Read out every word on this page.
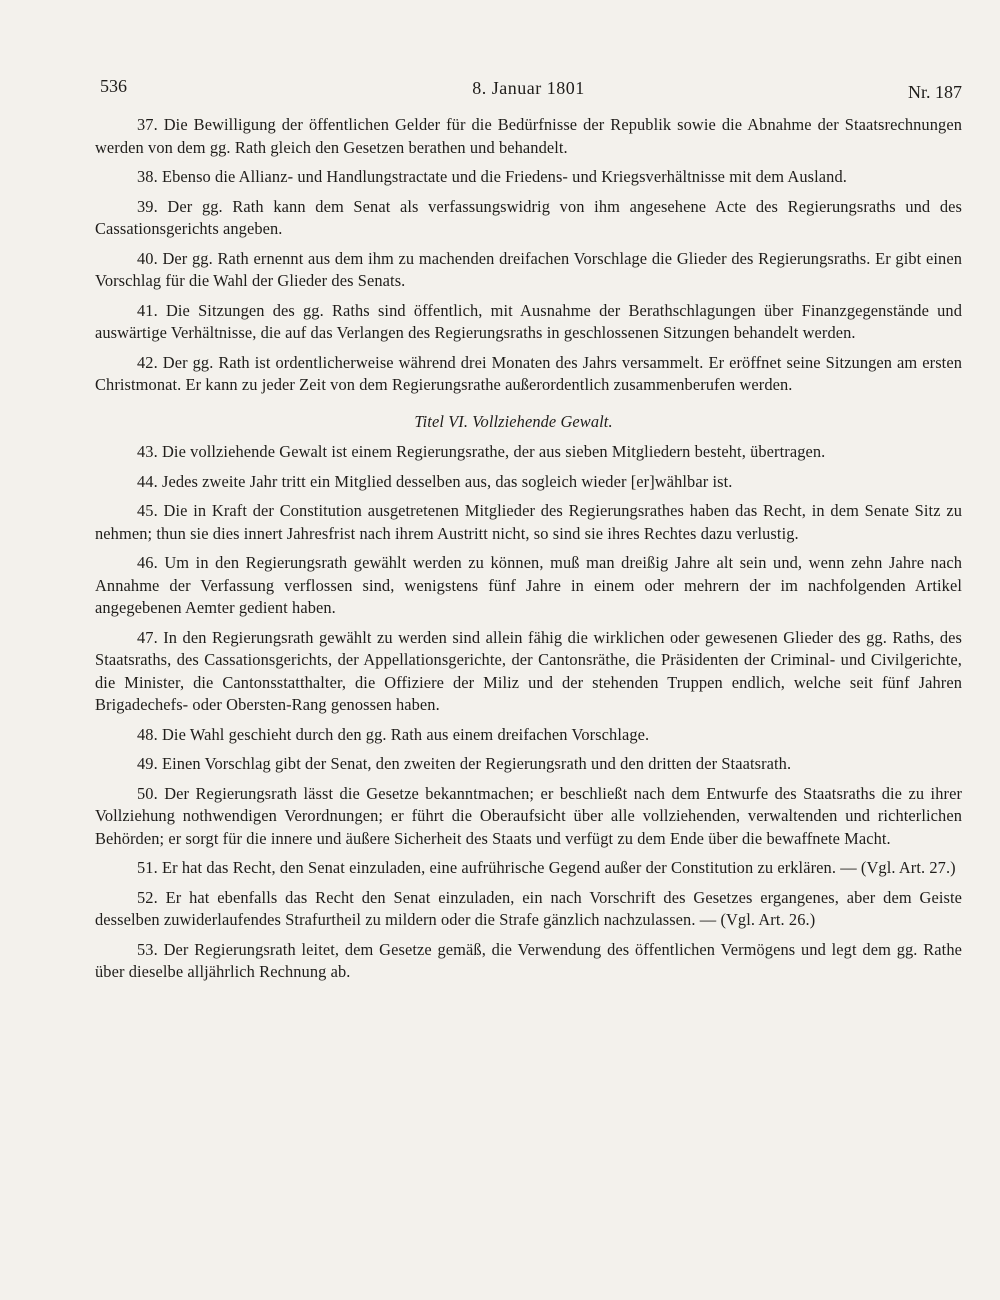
536	8. Januar 1801	Nr. 187

37. Die Bewilligung der öffentlichen Gelder für die Bedürfnisse der Republik sowie die Abnahme der Staatsrechnungen werden von dem gg. Rath gleich den Gesetzen berathen und behandelt.

38. Ebenso die Allianz- und Handlungstractate und die Friedens- und Kriegsverhältnisse mit dem Ausland.

39. Der gg. Rath kann dem Senat als verfassungswidrig von ihm angesehene Acte des Regierungsraths und des Cassationsgerichts angeben.

40. Der gg. Rath ernennt aus dem ihm zu machenden dreifachen Vorschlage die Glieder des Regierungsraths. Er gibt einen Vorschlag für die Wahl der Glieder des Senats.

41. Die Sitzungen des gg. Raths sind öffentlich, mit Ausnahme der Berathschlagungen über Finanzgegenstände und auswärtige Verhältnisse, die auf das Verlangen des Regierungsraths in geschlossenen Sitzungen behandelt werden.

42. Der gg. Rath ist ordentlicherweise während drei Monaten des Jahrs versammelt. Er eröffnet seine Sitzungen am ersten Christmonat. Er kann zu jeder Zeit von dem Regierungsrathe außerordentlich zusammenberufen werden.

Titel VI. Vollziehende Gewalt.

43. Die vollziehende Gewalt ist einem Regierungsrathe, der aus sieben Mitgliedern besteht, übertragen.

44. Jedes zweite Jahr tritt ein Mitglied desselben aus, das sogleich wieder [er]wählbar ist.

45. Die in Kraft der Constitution ausgetretenen Mitglieder des Regierungsrathes haben das Recht, in dem Senate Sitz zu nehmen; thun sie dies innert Jahresfrist nach ihrem Austritt nicht, so sind sie ihres Rechtes dazu verlustig.

46. Um in den Regierungsrath gewählt werden zu können, muß man dreißig Jahre alt sein und, wenn zehn Jahre nach Annahme der Verfassung verflossen sind, wenigstens fünf Jahre in einem oder mehrern der im nachfolgenden Artikel angegebenen Aemter gedient haben.

47. In den Regierungsrath gewählt zu werden sind allein fähig die wirklichen oder gewesenen Glieder des gg. Raths, des Staatsraths, des Cassationsgerichts, der Appellationsgerichte, der Cantonsräthe, die Präsidenten der Criminal- und Civilgerichte, die Minister, die Cantonsstatthalter, die Offiziere der Miliz und der stehenden Truppen endlich, welche seit fünf Jahren Brigadechefs- oder Obersten-Rang genossen haben.

48. Die Wahl geschieht durch den gg. Rath aus einem dreifachen Vorschlage.

49. Einen Vorschlag gibt der Senat, den zweiten der Regierungsrath und den dritten der Staatsrath.

50. Der Regierungsrath lässt die Gesetze bekanntmachen; er beschließt nach dem Entwurfe des Staatsraths die zu ihrer Vollziehung nothwendigen Verordnungen; er führt die Oberaufsicht über alle vollziehenden, verwaltenden und richterlichen Behörden; er sorgt für die innere und äußere Sicherheit des Staats und verfügt zu dem Ende über die bewaffnete Macht.

51. Er hat das Recht, den Senat einzuladen, eine aufrührische Gegend außer der Constitution zu erklären. — (Vgl. Art. 27.)

52. Er hat ebenfalls das Recht den Senat einzuladen, ein nach Vorschrift des Gesetzes ergangenes, aber dem Geiste desselben zuwiderlaufendes Strafurtheil zu mildern oder die Strafe gänzlich nachzulassen. — (Vgl. Art. 26.)

53. Der Regierungsrath leitet, dem Gesetze gemäß, die Verwendung des öffentlichen Vermögens und legt dem gg. Rathe über dieselbe alljährlich Rechnung ab.
